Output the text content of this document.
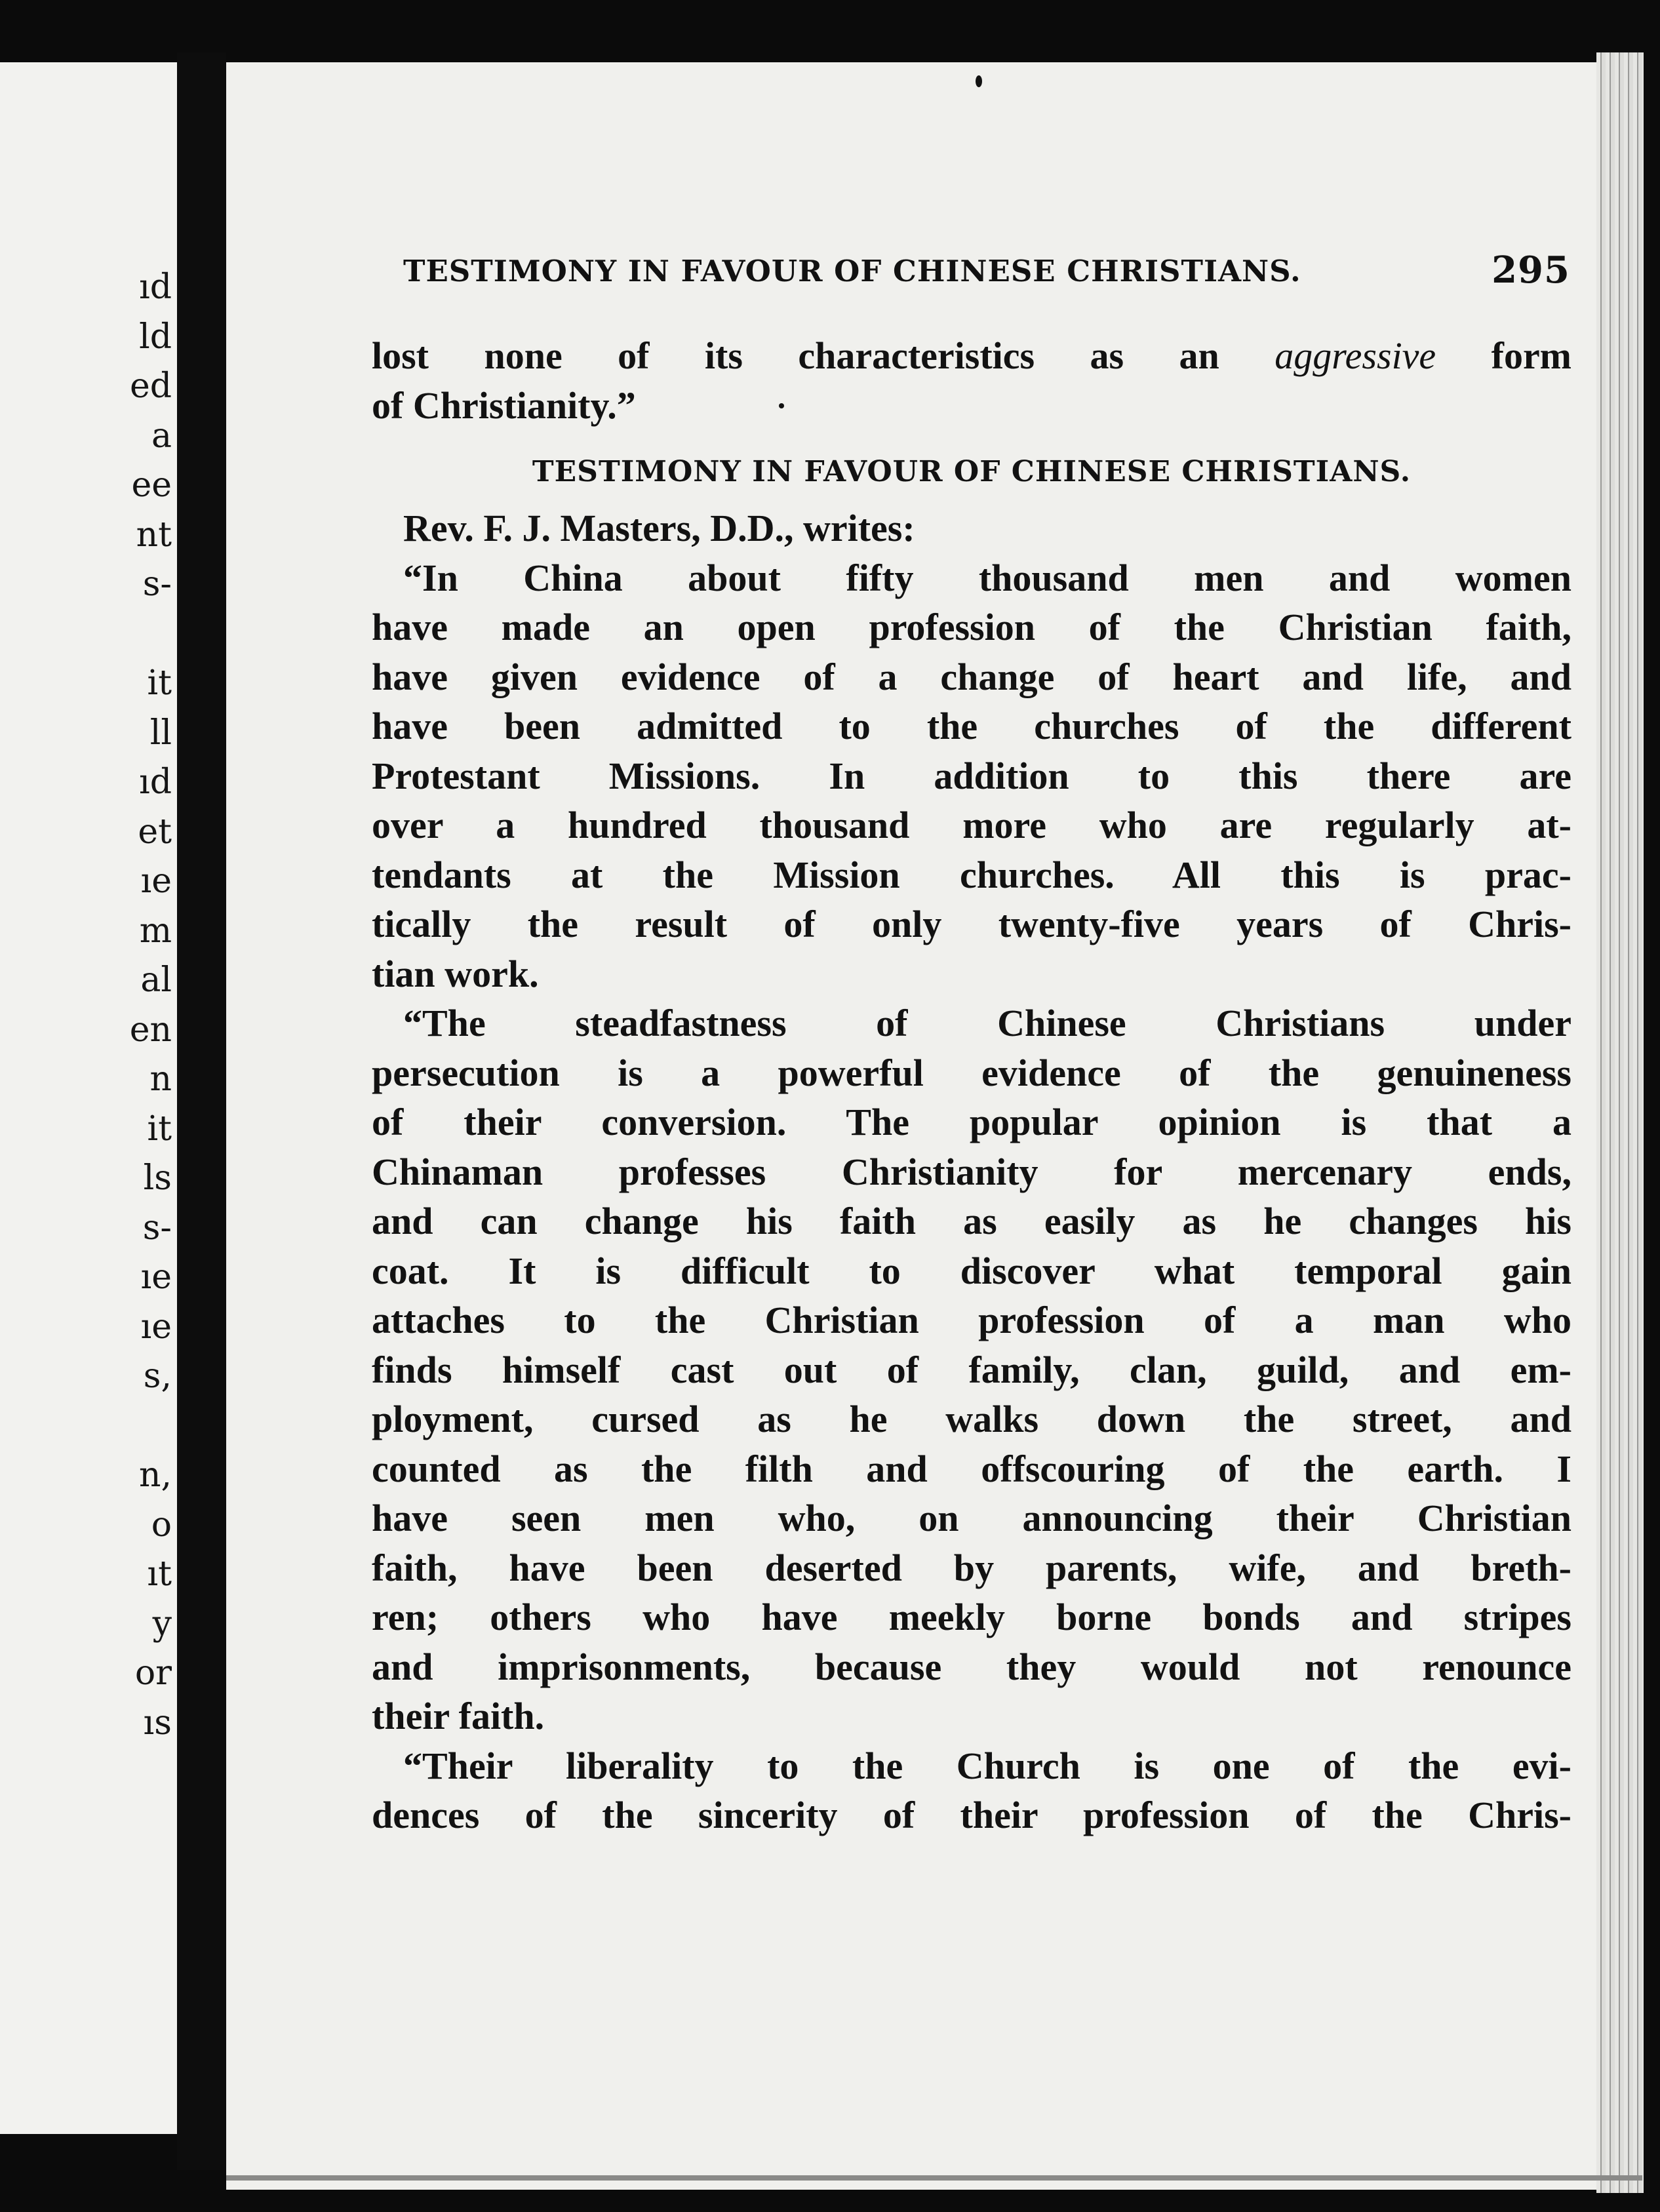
ıd
ld
ed
a
ee
nt
s-
it
ll
ıd
et
ıe
m
al
en
n
it
ls
s-
ıe
ıe
s,
n,
o
ıt
y
or
ıs
TESTIMONY IN FAVOUR OF CHINESE CHRISTIANS.	295
lost none of its characteristics as an aggressive form
of Christianity.”
TESTIMONY IN FAVOUR OF CHINESE CHRISTIANS.
Rev. F. J. Masters, D.D., writes:
“In China about fifty thousand men and women
have made an open profession of the Christian faith,
have given evidence of a change of heart and life, and
have been admitted to the churches of the different
Protestant Missions. In addition to this there are
over a hundred thousand more who are regularly at-
tendants at the Mission churches. All this is prac-
tically the result of only twenty-five years of Chris-
tian work.
“The steadfastness of Chinese Christians under
persecution is a powerful evidence of the genuineness
of their conversion. The popular opinion is that a
Chinaman professes Christianity for mercenary ends,
and can change his faith as easily as he changes his
coat. It is difficult to discover what temporal gain
attaches to the Christian profession of a man who
finds himself cast out of family, clan, guild, and em-
ployment, cursed as he walks down the street, and
counted as the filth and offscouring of the earth. I
have seen men who, on announcing their Christian
faith, have been deserted by parents, wife, and breth-
ren; others who have meekly borne bonds and stripes
and imprisonments, because they would not renounce
their faith.
“Their liberality to the Church is one of the evi-
dences of the sincerity of their profession of the Chris-
